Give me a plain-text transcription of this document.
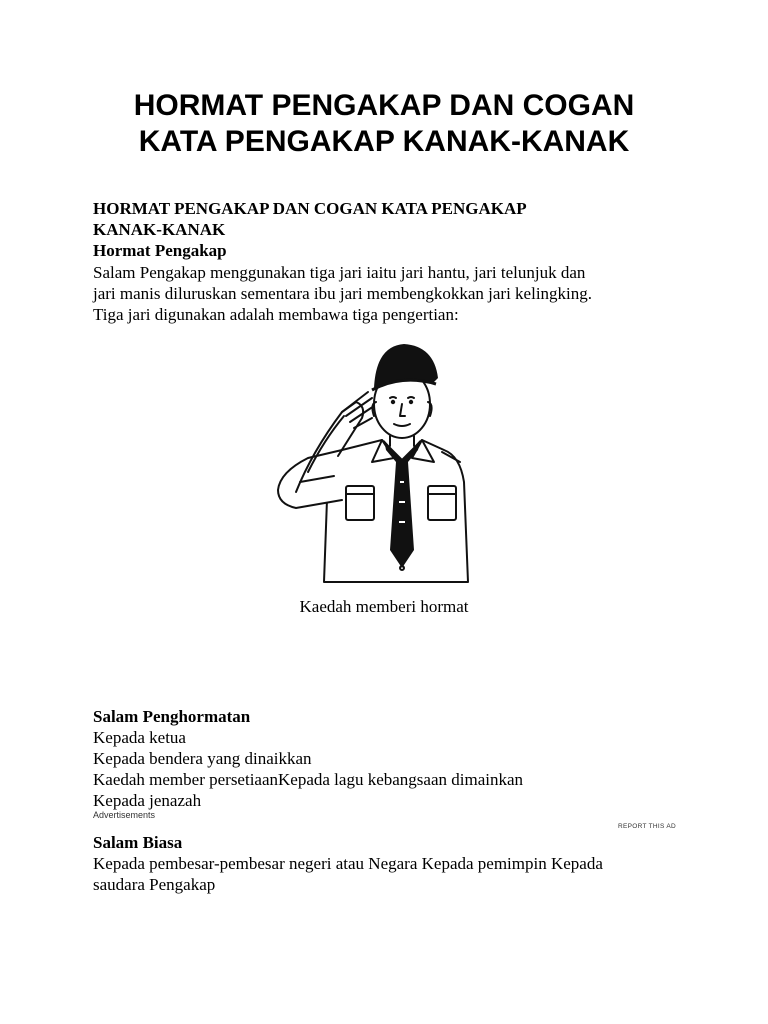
HORMAT PENGAKAP DAN COGAN
KATA PENGAKAP KANAK-KANAK
HORMAT PENGAKAP DAN COGAN KATA PENGAKAP
KANAK-KANAK
Hormat Pengakap
Salam Pengakap menggunakan tiga jari iaitu jari hantu, jari telunjuk dan
jari manis diluruskan sementara ibu jari membengkokkan jari kelingking.
Tiga jari digunakan adalah membawa tiga pengertian:
Kaedah memberi hormat
Salam Penghormatan
Kepada ketua
Kepada bendera yang dinaikkan
Kaedah member persetiaanKepada lagu kebangsaan dimainkan
Kepada jenazah
Advertisements
REPORT THIS AD
Salam Biasa
Kepada pembesar-pembesar negeri atau Negara Kepada pemimpin Kepada
saudara Pengakap
